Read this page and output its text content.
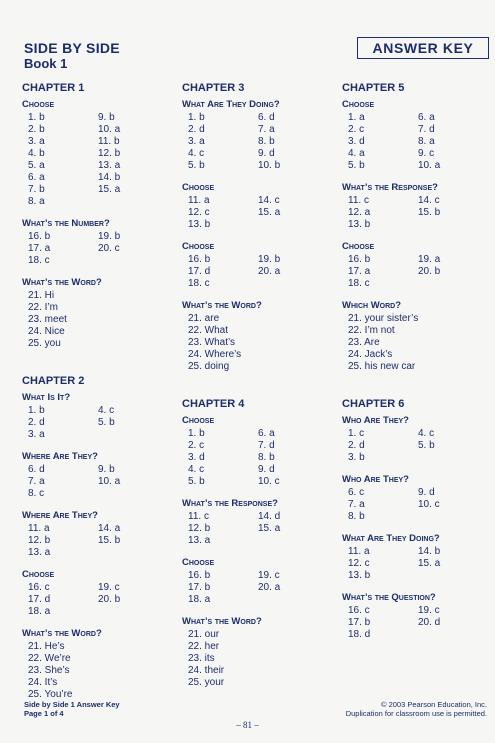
SIDE BY SIDE
Book 1
ANSWER KEY
CHAPTER 1
Choose
1. b	9. b
2. b	10. a
3. a	11. b
4. b	12. b
5. a	13. a
6. a	14. b
7. b	15. a
8. a
What’s the Number?
16. b	19. b
17. a	20. c
18. c
What’s the Word?
21. Hi
22. I’m
23. meet
24. Nice
25. you
CHAPTER 2
What Is It?
1. b	4. c
2. d	5. b
3. a
Where Are They?
6. d	9. b
7. a	10. a
8. c
Where Are They?
11. a	14. a
12. b	15. b
13. a
Choose
16. c	19. c
17. d	20. b
18. a
What’s the Word?
21. He’s
22. We’re
23. She’s
24. It’s
25. You’re
CHAPTER 3
What Are They Doing?
1. b	6. d
2. d	7. a
3. a	8. b
4. c	9. d
5. b	10. b
Choose
11. a	14. c
12. c	15. a
13. b
Choose
16. b	19. b
17. d	20. a
18. c
What’s the Word?
21. are
22. What
23. What’s
24. Where’s
25. doing
CHAPTER 4
Choose
1. b	6. a
2. c	7. d
3. d	8. b
4. c	9. d
5. b	10. c
What’s the Response?
11. c	14. d
12. b	15. a
13. a
Choose
16. b	19. c
17. b	20. a
18. a
What’s the Word?
21. our
22. her
23. its
24. their
25. your
CHAPTER 5
Choose
1. a	6. a
2. c	7. d
3. d	8. a
4. a	9. c
5. b	10. a
What’s the Response?
11. c	14. c
12. a	15. b
13. b
Choose
16. b	19. a
17. a	20. b
18. c
Which Word?
21. your sister’s
22. I’m not
23. Are
24. Jack’s
25. his new car
CHAPTER 6
Who Are They?
1. c	4. c
2. d	5. b
3. b
Who Are They?
6. c	9. d
7. a	10. c
8. b
What Are They Doing?
11. a	14. b
12. c	15. a
13. b
What’s the Question?
16. c	19. c
17. b	20. d
18. d
Side by Side 1 Answer Key
Page 1 of 4
© 2003 Pearson Education, Inc.
Duplication for classroom use is permitted.
– 81 –
